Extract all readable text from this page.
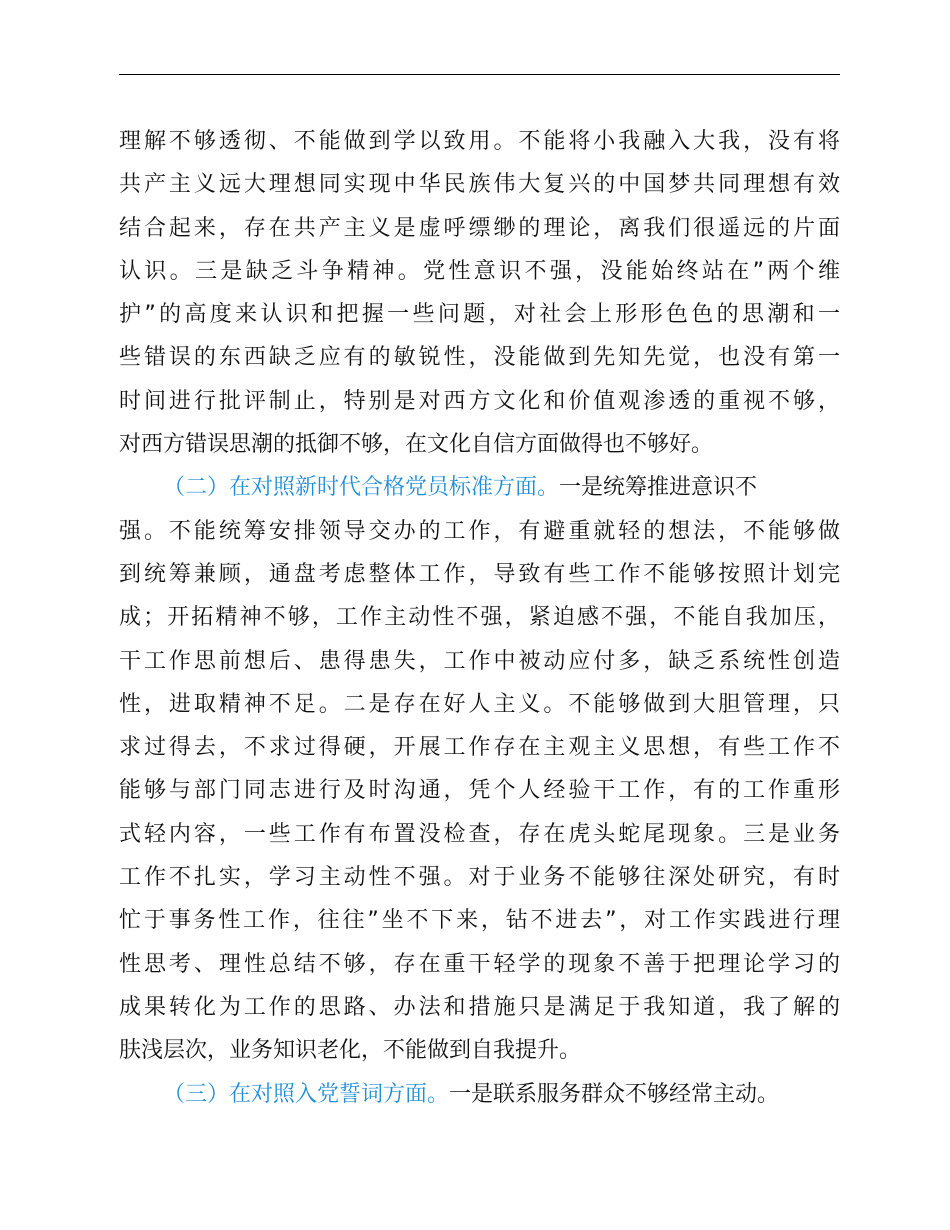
理解不够透彻、不能做到学以致用。不能将小我融入大我，没有将
共产主义远大理想同实现中华民族伟大复兴的中国梦共同理想有效
结合起来，存在共产主义是虚呼缥缈的理论，离我们很遥远的片面
认识。三是缺乏斗争精神。党性意识不强，没能始终站在”两个维
护”的高度来认识和把握一些问题，对社会上形形色色的思潮和一
些错误的东西缺乏应有的敏锐性，没能做到先知先觉，也没有第一
时间进行批评制止，特别是对西方文化和价值观渗透的重视不够，
对西方错误思潮的抵御不够，在文化自信方面做得也不够好。
（二）在对照新时代合格党员标准方面。一是统筹推进意识不
强。不能统筹安排领导交办的工作，有避重就轻的想法，不能够做
到统筹兼顾，通盘考虑整体工作，导致有些工作不能够按照计划完
成；开拓精神不够，工作主动性不强，紧迫感不强，不能自我加压，
干工作思前想后、患得患失，工作中被动应付多，缺乏系统性创造
性，进取精神不足。二是存在好人主义。不能够做到大胆管理，只
求过得去，不求过得硬，开展工作存在主观主义思想，有些工作不
能够与部门同志进行及时沟通，凭个人经验干工作，有的工作重形
式轻内容，一些工作有布置没检查，存在虎头蛇尾现象。三是业务
工作不扎实，学习主动性不强。对于业务不能够往深处研究，有时
忙于事务性工作，往往”坐不下来，钻不进去”，对工作实践进行理
性思考、理性总结不够，存在重干轻学的现象不善于把理论学习的
成果转化为工作的思路、办法和措施只是满足于我知道，我了解的
肤浅层次，业务知识老化，不能做到自我提升。
（三）在对照入党誓词方面。一是联系服务群众不够经常主动。
